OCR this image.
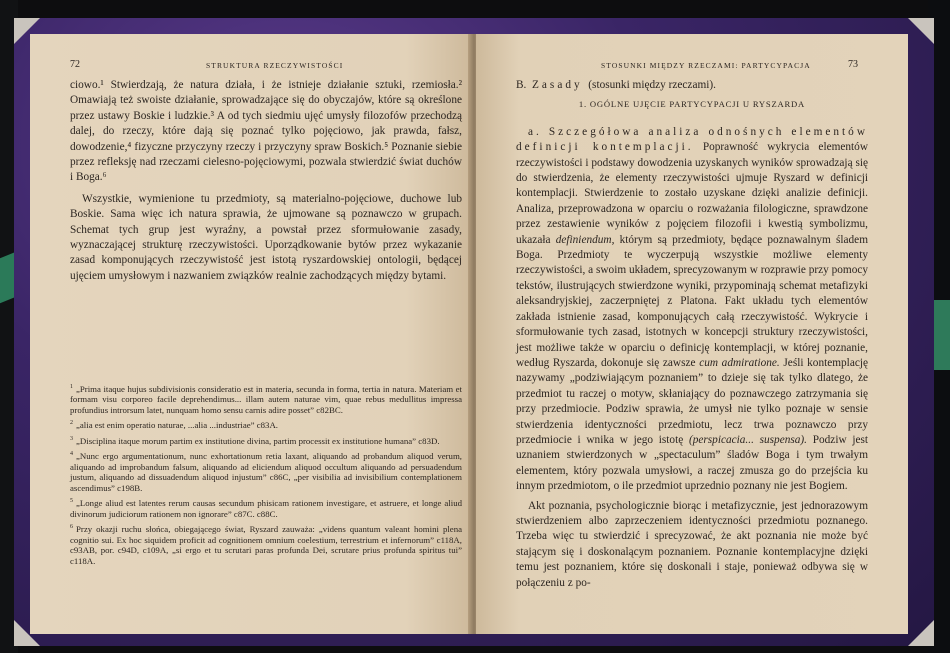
72	STRUKTURA RZECZYWISTOŚCI

ciowo.¹ Stwierdzają, że natura działa, i że istnieje działanie sztuki, rzemiosła.² Omawiają też swoiste działanie, sprowadzające się do obyczajów, które są określone przez ustawy Boskie i ludzkie.³ A od tych siedmiu ujęć umysły filozofów przechodzą dalej, do rzeczy, które dają się poznać tylko pojęciowo, jak prawda, fałsz, dowodzenie,⁴ fizyczne przyczyny rzeczy i przyczyny spraw Boskich.⁵ Poznanie siebie przez refleksję nad rzeczami cielesno-pojęciowymi, pozwala stwierdzić świat duchów i Boga.⁶

Wszystkie, wymienione tu przedmioty, są materialno-pojęciowe, duchowe lub Boskie. Sama więc ich natura sprawia, że ujmowane są poznawczo w grupach. Schemat tych grup jest wyraźny, a powstał przez sformułowanie zasady, wyznaczającej strukturę rzeczywistości. Uporządkowanie bytów przez wykazanie zasad komponujących rzeczywistość jest istotą ryszardowskiej ontologii, będącej ujęciem umysłowym i nazwaniem związków realnie zachodzących między bytami.

$^1$ „Prima itaque hujus subdivisionis consideratio est in materia, secunda in forma, tertia in natura. Materiam et formam visu corporeo facile deprehendimus... illam autem naturae vim, quae rebus medullitus impressa profundius introrsum latet, nunquam homo sensu carnis adire posset” c82BC.

$^2$ „alia est enim operatio naturae, ...alia ...industriae” c83A.

$^3$ „Disciplina itaque morum partim ex institutione divina, partim processit ex institutione humana” c83D.

$^4$ „Nunc ergo argumentationum, nunc exhortationum retia laxant, aliquando ad probandum aliquod verum, aliquando ad improbandum falsum, aliquando ad eliciendum aliquod occultum aliquando ad persuadendum justum, aliquando ad dissuadendum aliquod injustum” c86C, „per visibilia ad invisibilium contemplationem ascendimus” c198B.

$^5$ „Longe aliud est latentes rerum causas secundum phisicam rationem investigare, et astruere, et longe aliud divinorum judiciorum rationem non ignorare” c87C. c88C.

$^6$ Przy okazji ruchu słońca, obiegającego świat, Ryszard zauważa: „videns quantum valeant homini plena cognitio sui. Ex hoc siquidem proficit ad cognitionem omnium coelestium, terrestrium et infernorum” c118A, c93AB, por. c94D, c109A, „si ergo et tu scrutari paras profunda Dei, scrutare prius profunda spiritus tui” c118A.

STOSUNKI MIĘDZY RZECZAMI: PARTYCYPACJA	73

B. Zasady (stosunki między rzeczami).

1. OGÓLNE UJĘCIE PARTYCYPACJI U RYSZARDA

a. Szczegółowa analiza odnośnych elementów definicji kontemplacji. Poprawność wykrycia elementów rzeczywistości i podstawy dowodzenia uzyskanych wyników sprowadzają się do stwierdzenia, że elementy rzeczywistości ujmuje Ryszard w definicji kontemplacji. Stwierdzenie to zostało uzyskane dzięki analizie definicji. Analiza, przeprowadzona w oparciu o rozważania filologiczne, sprawdzone przez zestawienie wyników z pojęciem filozofii i kwestią symbolizmu, ukazała definiendum, którym są przedmioty, będące poznawalnym śladem Boga. Przedmioty te wyczerpują wszystkie możliwe elementy rzeczywistości, a swoim układem, sprecyzowanym w rozprawie przy pomocy tekstów, ilustrujących stwierdzone wyniki, przypominają schemat metafizyki aleksandryjskiej, zaczerpniętej z Platona. Fakt układu tych elementów zakłada istnienie zasad, komponujących całą rzeczywistość. Wykrycie i sformułowanie tych zasad, istotnych w koncepcji struktury rzeczywistości, jest możliwe także w oparciu o definicję kontemplacji, w której poznanie, według Ryszarda, dokonuje się zawsze cum admiratione. Jeśli kontemplację nazywamy „podziwiającym poznaniem” to dzieje się tak tylko dlatego, że przedmiot tu raczej o motyw, skłaniający do poznawczego zatrzymania się przy przedmiocie. Podziw sprawia, że umysł nie tylko poznaje w sensie stwierdzenia identyczności przedmiotu, lecz trwa poznawczo przy przedmiocie i wnika w jego istotę (perspicacia... suspensa). Podziw jest uznaniem stwierdzonych w „spectaculum” śladów Boga i tym trwałym elementem, który pozwala umysłowi, a raczej zmusza go do przejścia ku innym przedmiotom, o ile przedmiot uprzednio poznany nie jest Bogiem.

Akt poznania, psychologicznie biorąc i metafizycznie, jest jednorazowym stwierdzeniem albo zaprzeczeniem identyczności przedmiotu poznanego. Trzeba więc tu stwierdzić i sprecyzować, że akt poznania nie może być stającym się i doskonalącym poznaniem. Poznanie kontemplacyjne dzięki temu jest poznaniem, które się doskonali i staje, ponieważ odbywa się w połączeniu z po-
